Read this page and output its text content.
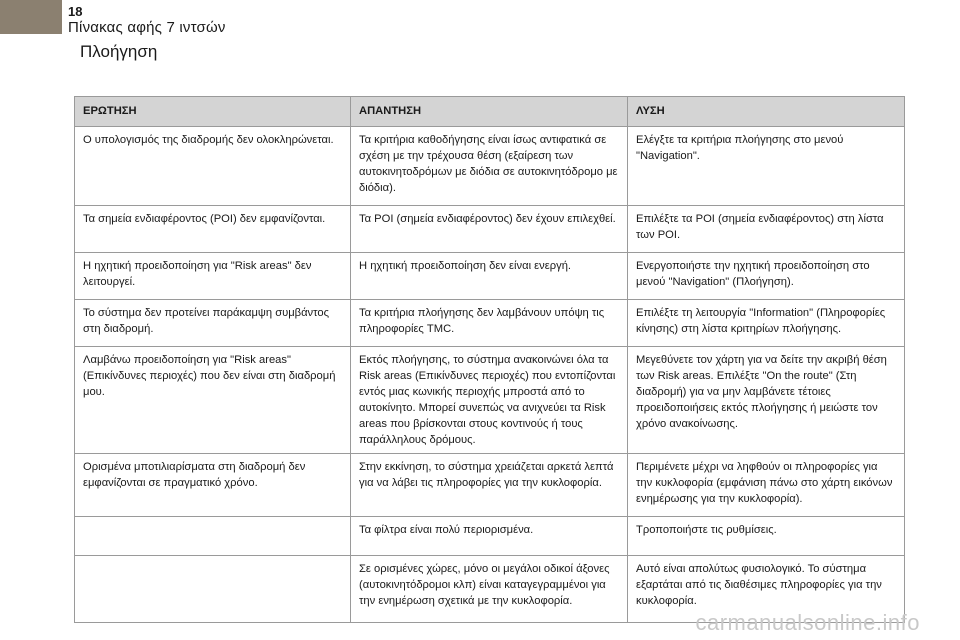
18
Πίνακας αφής 7 ιντσών
Πλοήγηση
ΕΡΩΤΗΣΗ	ΑΠΑΝΤΗΣΗ	ΛΥΣΗ
Ο υπολογισμός της διαδρομής δεν ολοκληρώνεται.	Τα κριτήρια καθοδήγησης είναι ίσως αντιφατικά σε σχέση με την τρέχουσα θέση (εξαίρεση των αυτοκινητοδρόμων με διόδια σε αυτοκινητόδρομο με διόδια).	Ελέγξτε τα κριτήρια πλοήγησης στο μενού "Navigation".
Τα σημεία ενδιαφέροντος (POI) δεν εμφανίζονται.	Τα POI (σημεία ενδιαφέροντος) δεν έχουν επιλεχθεί.	Επιλέξτε τα POI (σημεία ενδιαφέροντος) στη λίστα των POI.
Η ηχητική προειδοποίηση για "Risk areas" δεν λειτουργεί.	Η ηχητική προειδοποίηση δεν είναι ενεργή.	Ενεργοποιήστε την ηχητική προειδοποίηση στο μενού "Navigation" (Πλοήγηση).
Το σύστημα δεν προτείνει παράκαμψη συμβάντος στη διαδρομή.	Τα κριτήρια πλοήγησης δεν λαμβάνουν υπόψη τις πληροφορίες TMC.	Επιλέξτε τη λειτουργία "Information" (Πληροφορίες κίνησης) στη λίστα κριτηρίων πλοήγησης.
Λαμβάνω προειδοποίηση για "Risk areas" (Επικίνδυνες περιοχές) που δεν είναι στη διαδρομή μου.	Εκτός πλοήγησης, το σύστημα ανακοινώνει όλα τα Risk areas (Επικίνδυνες περιοχές) που εντοπίζονται εντός μιας κωνικής περιοχής μπροστά από το αυτοκίνητο. Μπορεί συνεπώς να ανιχνεύει τα Risk areas που βρίσκονται στους κοντινούς ή τους παράλληλους δρόμους.	Μεγεθύνετε τον χάρτη για να δείτε την ακριβή θέση των Risk areas. Επιλέξτε "On the route" (Στη διαδρομή) για να μην λαμβάνετε τέτοιες προειδοποιήσεις εκτός πλοήγησης ή μειώστε τον χρόνο ανακοίνωσης.
Ορισμένα μποτιλιαρίσματα στη διαδρομή δεν εμφανίζονται σε πραγματικό χρόνο.	Στην εκκίνηση, το σύστημα χρειάζεται αρκετά λεπτά για να λάβει τις πληροφορίες για την κυκλοφορία.	Περιμένετε μέχρι να ληφθούν οι πληροφορίες για την κυκλοφορία (εμφάνιση πάνω στο χάρτη εικόνων ενημέρωσης για την κυκλοφορία).
	Τα φίλτρα είναι πολύ περιορισμένα.	Τροποποιήστε τις ρυθμίσεις.
	Σε ορισμένες χώρες, μόνο οι μεγάλοι οδικοί άξονες (αυτοκινητόδρομοι κλπ) είναι καταγεγραμμένοι για την ενημέρωση σχετικά με την κυκλοφορία.	Αυτό είναι απολύτως φυσιολογικό. Το σύστημα εξαρτάται από τις διαθέσιμες πληροφορίες για την κυκλοφορία.
carmanualsonline.info
